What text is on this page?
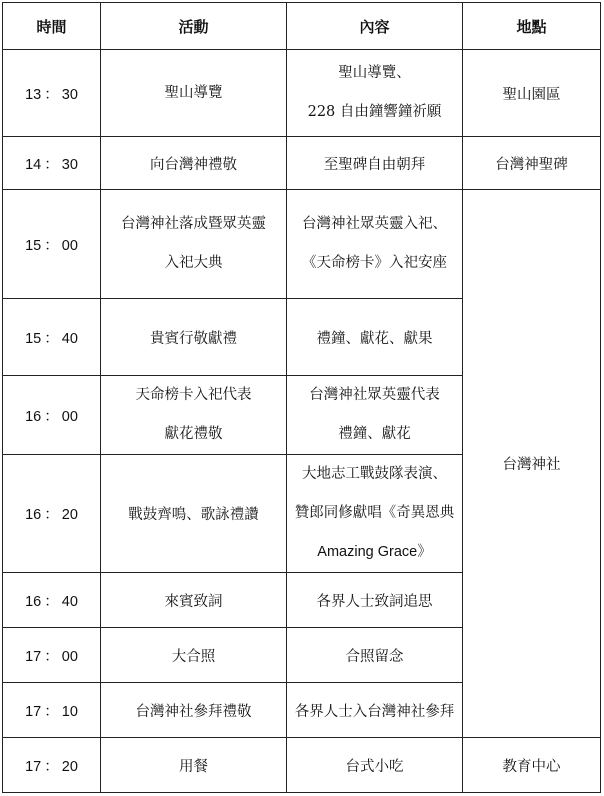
時間	活動	內容	地點
13 ： 30	聖山導覽	聖山導覽、
228 自由鐘響鐘祈願	聖山園區
14 ： 30	向台灣神禮敬	至聖碑自由朝拜	台灣神聖碑
15 ： 00	台灣神社落成暨眾英靈
入祀大典	台灣神社眾英靈入祀、
《天命榜卡》入祀安座	台灣神社
15 ： 40	貴賓行敬獻禮	禮鐘、獻花、獻果	
16 ： 00	天命榜卡入祀代表
獻花禮敬	台灣神社眾英靈代表
禮鐘、獻花	

16 ： 20	戰鼓齊鳴、歌詠禮讚	大地志工戰鼓隊表演、
贊郎同修獻唱《奇異恩典
Amazing Grace》	

16 ： 40	來賓致詞	各界人士致詞追思	
17 ： 00	大合照	合照留念	
17 ： 10	台灣神社參拜禮敬	各界人士入台灣神社參拜	
17 ： 20	用餐	台式小吃	教育中心
